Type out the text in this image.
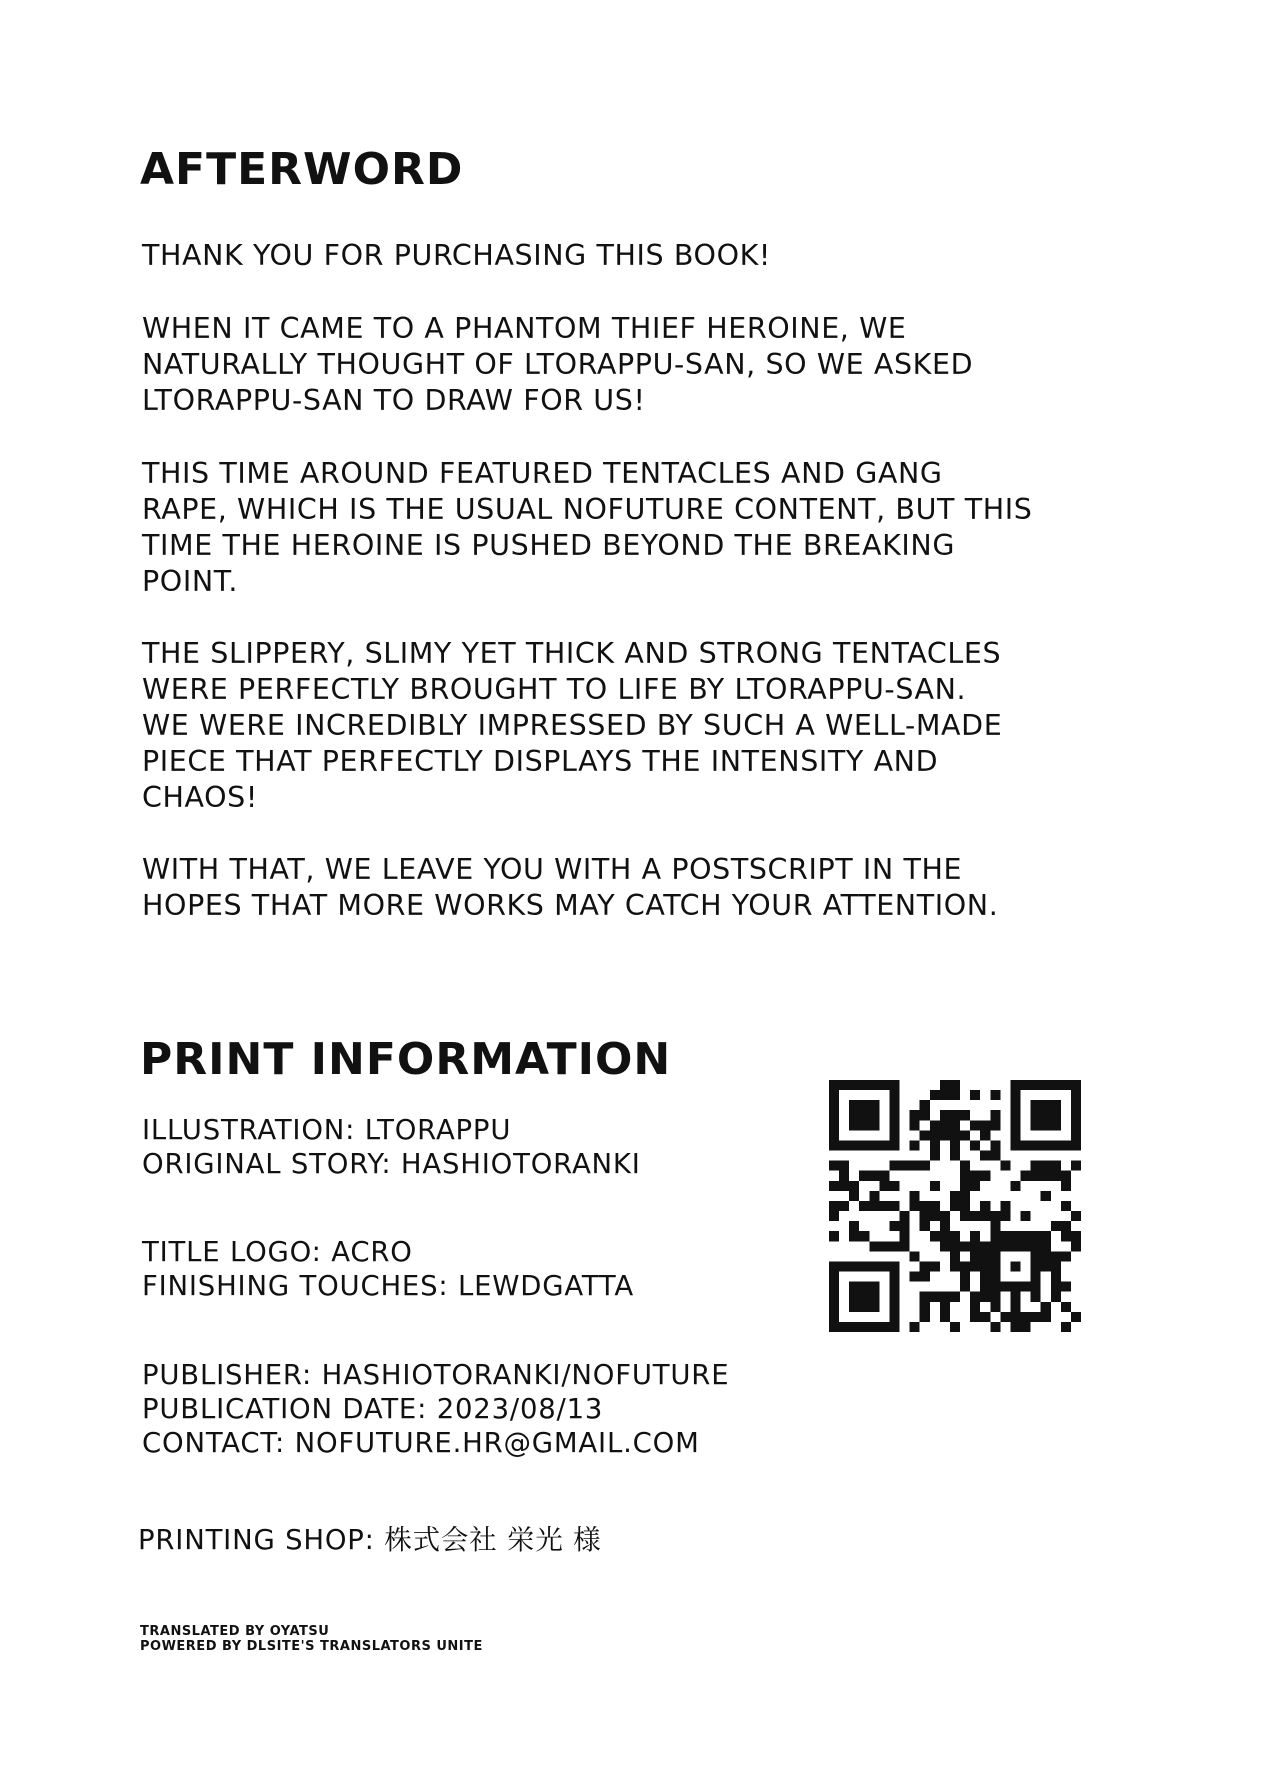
AFTERWORD

THANK YOU FOR PURCHASING THIS BOOK!

WHEN IT CAME TO A PHANTOM THIEF HEROINE, WE
NATURALLY THOUGHT OF LTORAPPU-SAN, SO WE ASKED
LTORAPPU-SAN TO DRAW FOR US!

THIS TIME AROUND FEATURED TENTACLES AND GANG
RAPE, WHICH IS THE USUAL NOFUTURE CONTENT, BUT THIS
TIME THE HEROINE IS PUSHED BEYOND THE BREAKING
POINT.

THE SLIPPERY, SLIMY YET THICK AND STRONG TENTACLES
WERE PERFECTLY BROUGHT TO LIFE BY LTORAPPU-SAN.
WE WERE INCREDIBLY IMPRESSED BY SUCH A WELL-MADE
PIECE THAT PERFECTLY DISPLAYS THE INTENSITY AND
CHAOS!

WITH THAT, WE LEAVE YOU WITH A POSTSCRIPT IN THE
HOPES THAT MORE WORKS MAY CATCH YOUR ATTENTION.

PRINT INFORMATION
ILLUSTRATION: LTORAPPU
ORIGINAL STORY: HASHIOTORANKI
TITLE LOGO: ACRO
FINISHING TOUCHES: LEWDGATTA
PUBLISHER: HASHIOTORANKI/NOFUTURE
PUBLICATION DATE: 2023/08/13
CONTACT: NOFUTURE.HR@GMAIL.COM
PRINTING SHOP: 株式会社 栄光 様
TRANSLATED BY OYATSU
POWERED BY DLSITE'S TRANSLATORS UNITE
